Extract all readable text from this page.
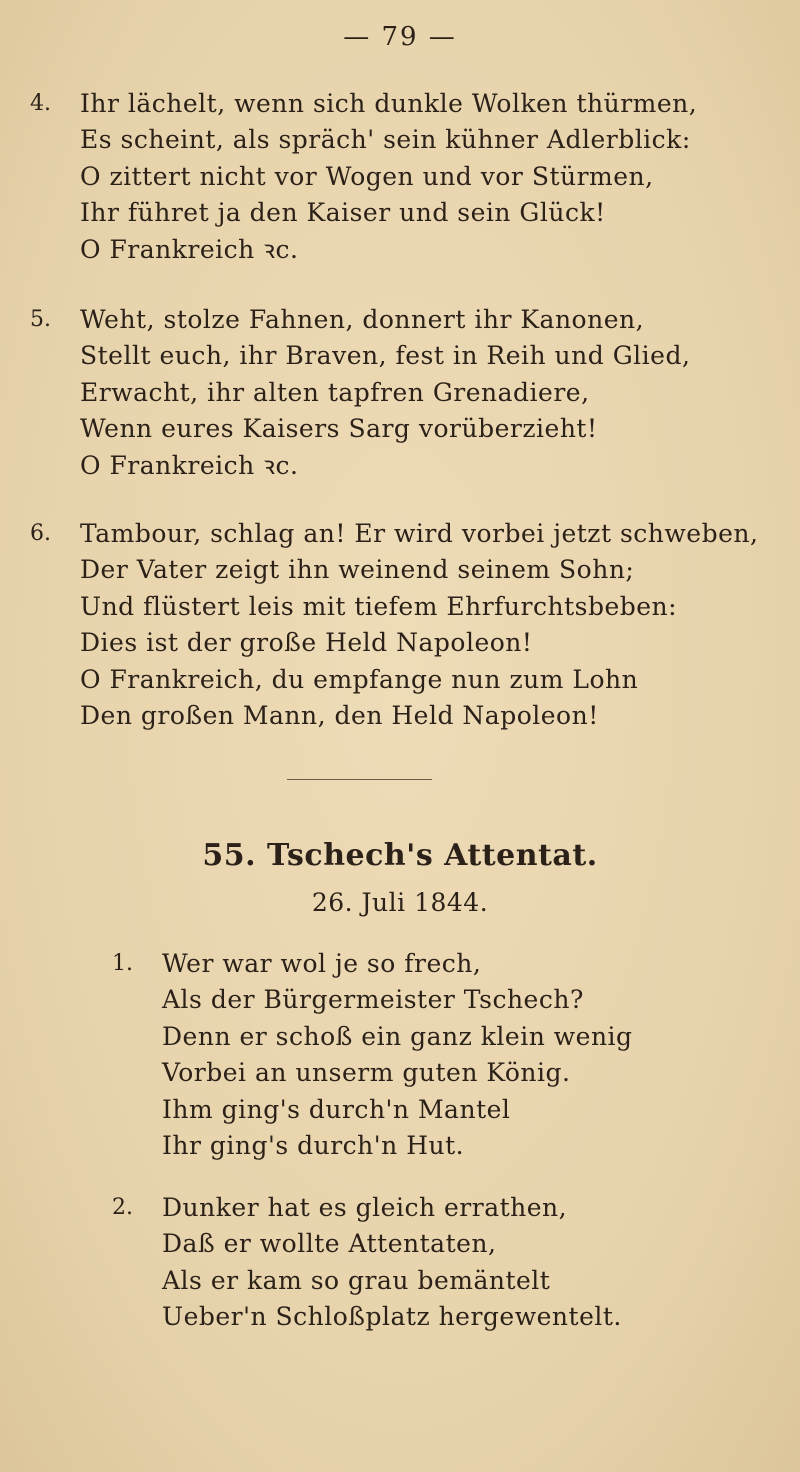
— 79 —
4.	Ihr lächelt, wenn sich dunkle Wolken thürmen,
Es scheint, als spräch' sein kühner Adlerblick:
O zittert nicht vor Wogen und vor Stürmen,
Ihr führet ja den Kaiser und sein Glück!
O Frankreich ꝛc.
5.	Weht, stolze Fahnen, donnert ihr Kanonen,
Stellt euch, ihr Braven, fest in Reih und Glied,
Erwacht, ihr alten tapfren Grenadiere,
Wenn eures Kaisers Sarg vorüberzieht!
O Frankreich ꝛc.
6.	Tambour, schlag an! Er wird vorbei jetzt schweben,
Der Vater zeigt ihn weinend seinem Sohn;
Und flüstert leis mit tiefem Ehrfurchtsbeben:
Dies ist der große Held Napoleon!
O Frankreich, du empfange nun zum Lohn
Den großen Mann, den Held Napoleon!
55. Tschech's Attentat.
26. Juli 1844.
1. Wer war wol je so frech,
Als der Bürgermeister Tschech?
Denn er schoß ein ganz klein wenig
Vorbei an unserm guten König.
Ihm ging's durch'n Mantel
Ihr ging's durch'n Hut.
2. Dunker hat es gleich errathen,
Daß er wollte Attentaten,
Als er kam so grau bemäntelt
Ueber'n Schloßplatz hergewentelt.
